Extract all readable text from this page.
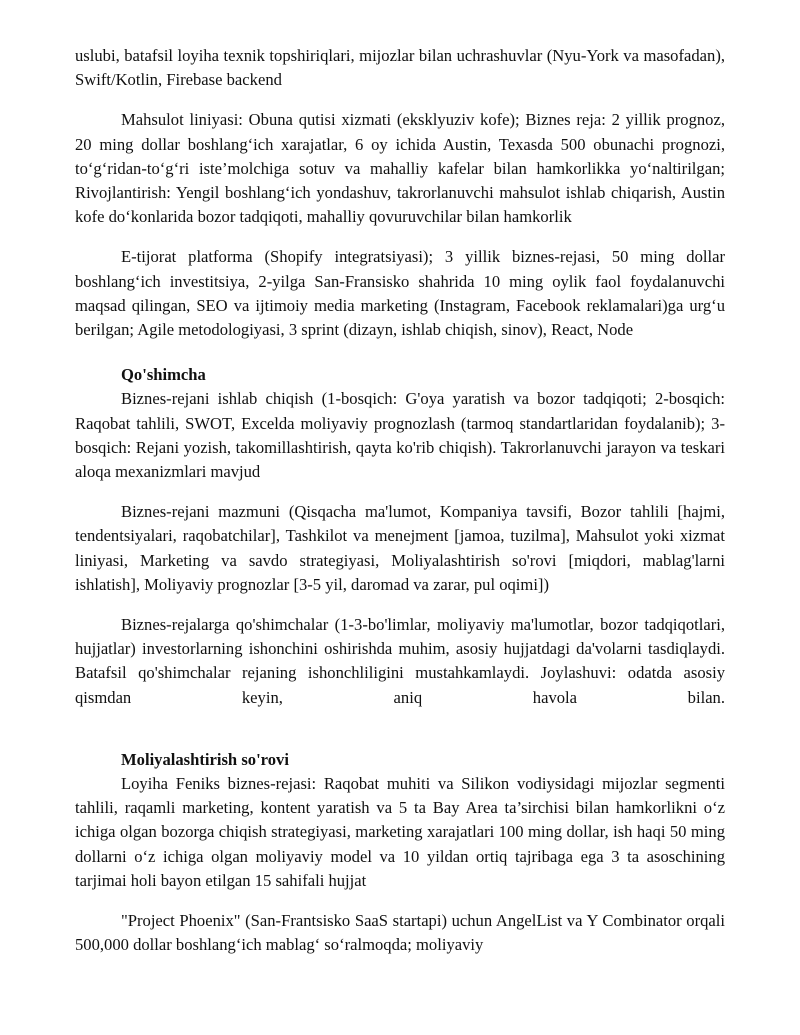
uslubi, batafsil loyiha texnik topshiriqlari, mijozlar bilan uchrashuvlar (Nyu-York va masofadan), Swift/Kotlin, Firebase backend

Mahsulot liniyasi: Obuna qutisi xizmati (eksklyuziv kofe); Biznes reja: 2 yillik prognoz, 20 ming dollar boshlang‘ich xarajatlar, 6 oy ichida Austin, Texasda 500 obunachi prognozi, to‘g‘ridan-to‘g‘ri iste’molchiga sotuv va mahalliy kafelar bilan hamkorlikka yo‘naltirilgan; Rivojlantirish: Yengil boshlang‘ich yondashuv, takrorlanuvchi mahsulot ishlab chiqarish, Austin kofe do‘konlarida bozor tadqiqoti, mahalliy qovuruvchilar bilan hamkorlik

E-tijorat platforma (Shopify integratsiyasi); 3 yillik biznes-rejasi, 50 ming dollar boshlang‘ich investitsiya, 2-yilga San-Fransisko shahrida 10 ming oylik faol foydalanuvchi maqsad qilingan, SEO va ijtimoiy media marketing (Instagram, Facebook reklamalari)ga urg‘u berilgan; Agile metodologiyasi, 3 sprint (dizayn, ishlab chiqish, sinov), React, Node

Qo'shimcha

Biznes-rejani ishlab chiqish (1-bosqich: G'oya yaratish va bozor tadqiqoti; 2-bosqich: Raqobat tahlili, SWOT, Excelda moliyaviy prognozlash (tarmoq standartlaridan foydalanib); 3-bosqich: Rejani yozish, takomillashtirish, qayta ko'rib chiqish). Takrorlanuvchi jarayon va teskari aloqa mexanizmlari mavjud

Biznes-rejani mazmuni (Qisqacha ma'lumot, Kompaniya tavsifi, Bozor tahlili [hajmi, tendentsiyalari, raqobatchilar], Tashkilot va menejment [jamoa, tuzilma], Mahsulot yoki xizmat liniyasi, Marketing va savdo strategiyasi, Moliyalashtirish so'rovi [miqdori, mablag'larni ishlatish], Moliyaviy prognozlar [3-5 yil, daromad va zarar, pul oqimi])

Biznes-rejalarga qo'shimchalar (1-3-bo'limlar, moliyaviy ma'lumotlar, bozor tadqiqotlari, hujjatlar) investorlarning ishonchini oshirishda muhim, asosiy hujjatdagi da'volarni tasdiqlaydi. Batafsil qo'shimchalar rejaning ishonchliligini mustahkamlaydi. Joylashuvi: odatda asosiy qismdan keyin, aniq havola bilan.

Moliyalashtirish so'rovi

Loyiha Feniks biznes-rejasi: Raqobat muhiti va Silikon vodiysidagi mijozlar segmenti tahlili, raqamli marketing, kontent yaratish va 5 ta Bay Area ta’sirchisi bilan hamkorlikni o‘z ichiga olgan bozorga chiqish strategiyasi, marketing xarajatlari 100 ming dollar, ish haqi 50 ming dollarni o‘z ichiga olgan moliyaviy model va 10 yildan ortiq tajribaga ega 3 ta asoschining tarjimai holi bayon etilgan 15 sahifali hujjat

"Project Phoenix" (San-Frantsisko SaaS startapi) uchun AngelList va Y Combinator orqali 500,000 dollar boshlang‘ich mablag‘ so‘ralmoqda; moliyaviy
